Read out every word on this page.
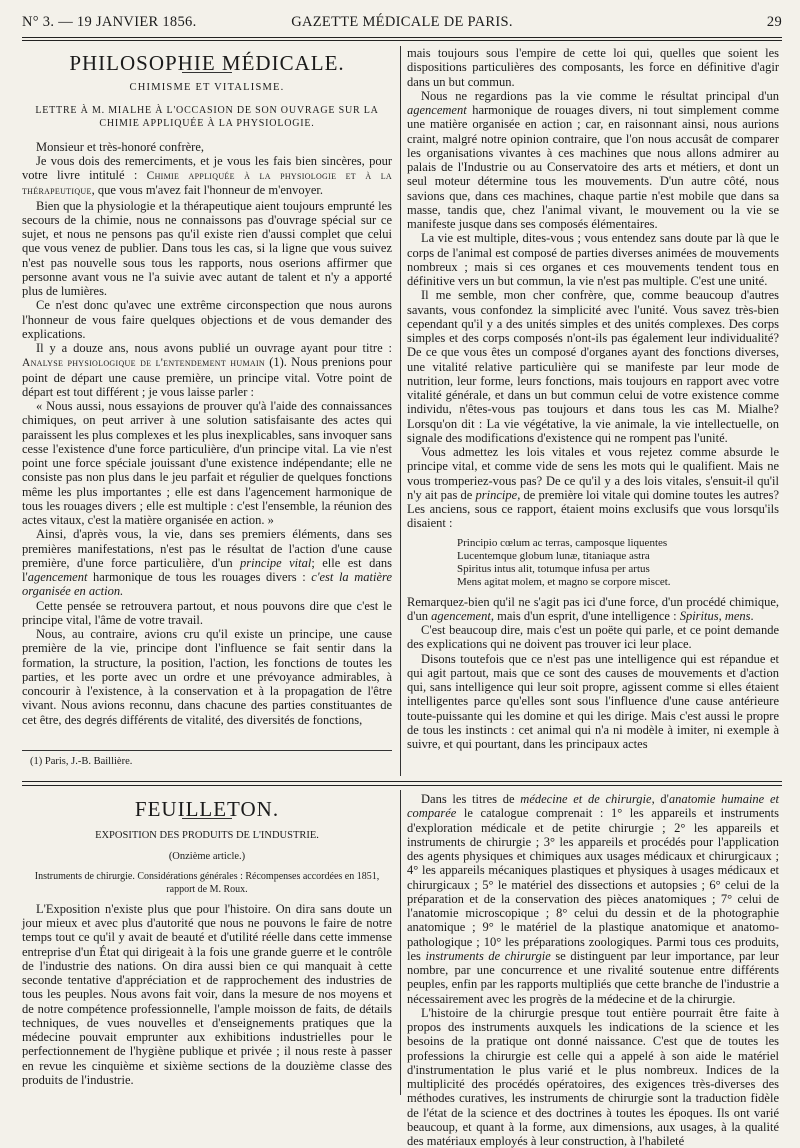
N° 3. — 19 JANVIER 1856.	GAZETTE MÉDICALE DE PARIS.	29
PHILOSOPHIE MÉDICALE.
CHIMISME ET VITALISME.
LETTRE À M. MIALHE À L'OCCASION DE SON OUVRAGE SUR LA CHIMIE APPLIQUÉE À LA PHYSIOLOGIE.

Monsieur et très-honoré confrère,

Je vous dois des remerciments, et je vous les fais bien sincères, pour votre livre intitulé : Chimie appliquée à la physiologie et à la thérapeutique, que vous m'avez fait l'honneur de m'envoyer.

Bien que la physiologie et la thérapeutique aient toujours emprunté les secours de la chimie, nous ne connaissons pas d'ouvrage spécial sur ce sujet, et nous ne pensons pas qu'il existe rien d'aussi complet que celui que vous venez de publier. Dans tous les cas, si la ligne que vous suivez n'est pas nouvelle sous tous les rapports, nous oserions affirmer que personne avant vous ne l'a suivie avec autant de talent et n'y a apporté plus de lumières.

Ce n'est donc qu'avec une extrême circonspection que nous aurons l'honneur de vous faire quelques objections et de vous demander des explications.

Il y a douze ans, nous avons publié un ouvrage ayant pour titre : Analyse physiologique de l'entendement humain (1). Nous prenions pour point de départ une cause première, un principe vital. Votre point de départ est tout différent ; je vous laisse parler :

« Nous aussi, nous essayions de prouver qu'à l'aide des connaissances chimiques, on peut arriver à une solution satisfaisante des actes qui paraissent les plus complexes et les plus inexplicables, sans invoquer sans cesse l'existence d'une force particulière, d'un principe vital. La vie n'est point une force spéciale jouissant d'une existence indépendante; elle ne consiste pas non plus dans le jeu parfait et régulier de quelques fonctions même les plus importantes ; elle est dans l'agencement harmonique de tous les rouages divers ; elle est multiple : c'est l'ensemble, la réunion des actes vitaux, c'est la matière organisée en action. »

Ainsi, d'après vous, la vie, dans ses premiers éléments, dans ses premières manifestations, n'est pas le résultat de l'action d'une cause première, d'une force particulière, d'un principe vital; elle est dans l'agencement harmonique de tous les rouages divers : c'est la matière organisée en action.

Cette pensée se retrouvera partout, et nous pouvons dire que c'est le principe vital, l'âme de votre travail.

Nous, au contraire, avions cru qu'il existe un principe, une cause première de la vie, principe dont l'influence se fait sentir dans la formation, la structure, la position, l'action, les fonctions de toutes les parties, et les porte avec un ordre et une prévoyance admirables, à concourir à l'existence, à la conservation et à la propagation de l'être vivant. Nous avions reconnu, dans chacune des parties constituantes de cet être, des degrés différents de vitalité, des diversités de fonctions,

(1) Paris, J.-B. Baillière.

mais toujours sous l'empire de cette loi qui, quelles que soient les dispositions particulières des composants, les force en définitive d'agir dans un but commun.

Nous ne regardions pas la vie comme le résultat principal d'un agencement harmonique de rouages divers, ni tout simplement comme une matière organisée en action ; car, en raisonnant ainsi, nous aurions craint, malgré notre opinion contraire, que l'on nous accusât de comparer les organisations vivantes à ces machines que nous allons admirer au palais de l'Industrie ou au Conservatoire des arts et métiers, et dont un seul moteur détermine tous les mouvements. D'un autre côté, nous savions que, dans ces machines, chaque partie n'est mobile que dans sa masse, tandis que, chez l'animal vivant, le mouvement ou la vie se manifeste jusque dans ses composés élémentaires.

La vie est multiple, dites-vous ; vous entendez sans doute par là que le corps de l'animal est composé de parties diverses animées de mouvements nombreux ; mais si ces organes et ces mouvements tendent tous en définitive vers un but commun, la vie n'est pas multiple. C'est une unité.

Il me semble, mon cher confrère, que, comme beaucoup d'autres savants, vous confondez la simplicité avec l'unité. Vous savez très-bien cependant qu'il y a des unités simples et des unités complexes. Des corps simples et des corps composés n'ont-ils pas également leur individualité? De ce que vous êtes un composé d'organes ayant des fonctions diverses, une vitalité relative particulière qui se manifeste par leur mode de nutrition, leur forme, leurs fonctions, mais toujours en rapport avec votre vitalité générale, et dans un but commun celui de votre existence comme individu, n'êtes-vous pas toujours et dans tous les cas M. Mialhe? Lorsqu'on dit : La vie végétative, la vie animale, la vie intellectuelle, on signale des modifications d'existence qui ne rompent pas l'unité.

Vous admettez les lois vitales et vous rejetez comme absurde le principe vital, et comme vide de sens les mots qui le qualifient. Mais ne vous tromperiez-vous pas? De ce qu'il y a des lois vitales, s'ensuit-il qu'il n'y ait pas de principe, de première loi vitale qui domine toutes les autres? Les anciens, sous ce rapport, étaient moins exclusifs que vous lorsqu'ils disaient :

Principio cœlum ac terras, camposque liquentes
Lucentemque globum lunæ, titaniaque astra
Spiritus intus alit, totumque infusa per artus
Mens agitat molem, et magno se corpore miscet.

Remarquez-bien qu'il ne s'agit pas ici d'une force, d'un procédé chimique, d'un agencement, mais d'un esprit, d'une intelligence : Spiritus, mens.

C'est beaucoup dire, mais c'est un poëte qui parle, et ce point demande des explications qui ne doivent pas trouver ici leur place.

Disons toutefois que ce n'est pas une intelligence qui est répandue et qui agit partout, mais que ce sont des causes de mouvements et d'action qui, sans intelligence qui leur soit propre, agissent comme si elles étaient intelligentes parce qu'elles sont sous l'influence d'une cause antérieure toute-puissante qui les domine et qui les dirige. Mais c'est aussi le propre de tous les instincts : cet animal qui n'a ni modèle à imiter, ni exemple à suivre, et qui pourtant, dans les principaux actes

FEUILLETON.
EXPOSITION DES PRODUITS DE L'INDUSTRIE.
(Onzième article.)
Instruments de chirurgie. Considérations générales : Récompenses accordées en 1851, rapport de M. Roux.

L'Exposition n'existe plus que pour l'histoire. On dira sans doute un jour mieux et avec plus d'autorité que nous ne pouvons le faire de notre temps tout ce qu'il y avait de beauté et d'utilité réelle dans cette immense entreprise d'un État qui dirigeait à la fois une grande guerre et le contrôle de l'industrie des nations. On dira aussi bien ce qui manquait à cette seconde tentative d'appréciation et de rapprochement des industries de tous les peuples. Nous avons fait voir, dans la mesure de nos moyens et de notre compétence professionnelle, l'ample moisson de faits, de détails techniques, de vues nouvelles et d'enseignements pratiques que la médecine pouvait emprunter aux exhibitions industrielles pour le perfectionnement de l'hygiène publique et privée ; il nous reste à passer en revue les cinquième et sixième sections de la douzième classe des produits de l'industrie.

Dans les titres de médecine et de chirurgie, d'anatomie humaine et comparée le catalogue comprenait : 1° les appareils et instruments d'exploration médicale et de petite chirurgie ; 2° les appareils et instruments de chirurgie ; 3° les appareils et procédés pour l'application des agents physiques et chimiques aux usages médicaux et chirurgicaux ; 4° les appareils mécaniques plastiques et physiques à usages médicaux et chirurgicaux ; 5° le matériel des dissections et autopsies ; 6° celui de la préparation et de la conservation des pièces anatomiques ; 7° celui de l'anatomie microscopique ; 8° celui du dessin et de la photographie anatomique ; 9° le matériel de la plastique anatomique et anatomo-pathologique ; 10° les préparations zoologiques. Parmi tous ces produits, les instruments de chirurgie se distinguent par leur importance, par leur nombre, par une concurrence et une rivalité soutenue entre différents peuples, enfin par les rapports multipliés que cette branche de l'industrie a nécessairement avec les progrès de la médecine et de la chirurgie.

L'histoire de la chirurgie presque tout entière pourrait être faite à propos des instruments auxquels les indications de la science et les besoins de la pratique ont donné naissance. C'est que de toutes les professions la chirurgie est celle qui a appelé à son aide le matériel d'instrumentation le plus varié et le plus nombreux. Indices de la multiplicité des procédés opératoires, des exigences très-diverses des méthodes curatives, les instruments de chirurgie sont la traduction fidèle de l'état de la science et des doctrines à toutes les époques. Ils ont varié beaucoup, et quant à la forme, aux dimensions, aux usages, à la qualité des matériaux employés à leur construction, à l'habileté
